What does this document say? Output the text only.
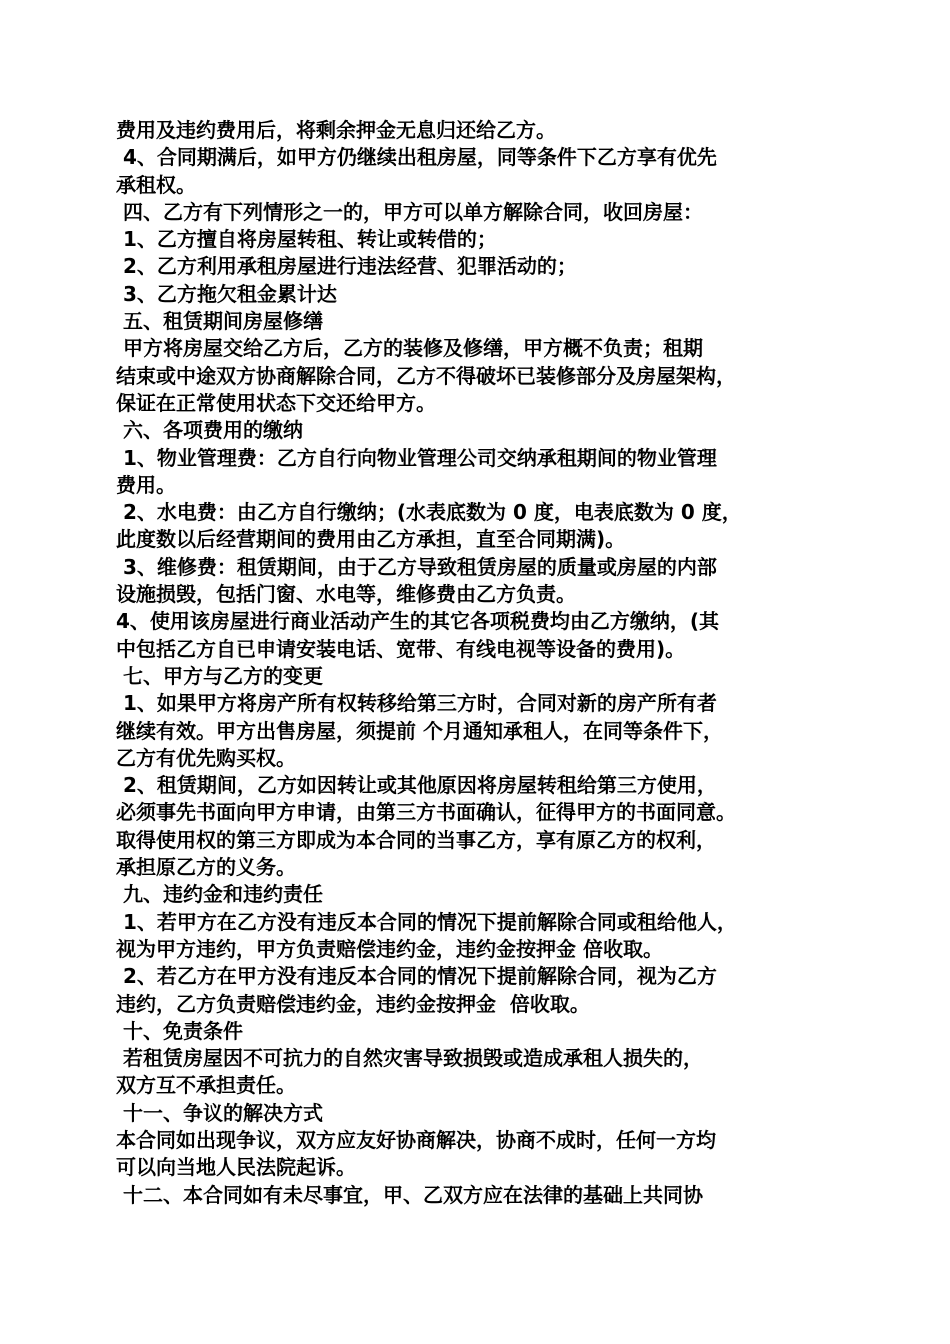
费用及违约费用后，将剩余押金无息归还给乙方。
4、合同期满后，如甲方仍继续出租房屋，同等条件下乙方享有优先
承租权。
四、乙方有下列情形之一的，甲方可以单方解除合同，收回房屋：
1、乙方擅自将房屋转租、转让或转借的；
2、乙方利用承租房屋进行违法经营、犯罪活动的；
3、乙方拖欠租金累计达
五、租赁期间房屋修缮
甲方将房屋交给乙方后，乙方的装修及修缮，甲方概不负责；租期
结束或中途双方协商解除合同，乙方不得破坏已装修部分及房屋架构，
保证在正常使用状态下交还给甲方。
六、各项费用的缴纳
1、物业管理费：乙方自行向物业管理公司交纳承租期间的物业管理
费用。
2、水电费：由乙方自行缴纳；(水表底数为 0 度，电表底数为 0 度，
此度数以后经营期间的费用由乙方承担，直至合同期满)。
3、维修费：租赁期间，由于乙方导致租赁房屋的质量或房屋的内部
设施损毁，包括门窗、水电等，维修费由乙方负责。
4、使用该房屋进行商业活动产生的其它各项税费均由乙方缴纳，(其
中包括乙方自已申请安装电话、宽带、有线电视等设备的费用)。
七、甲方与乙方的变更
1、如果甲方将房产所有权转移给第三方时，合同对新的房产所有者
继续有效。甲方出售房屋，须提前 个月通知承租人，在同等条件下，
乙方有优先购买权。
2、租赁期间，乙方如因转让或其他原因将房屋转租给第三方使用，
必须事先书面向甲方申请，由第三方书面确认，征得甲方的书面同意。
取得使用权的第三方即成为本合同的当事乙方，享有原乙方的权利，
承担原乙方的义务。
九、违约金和违约责任
1、若甲方在乙方没有违反本合同的情况下提前解除合同或租给他人，
视为甲方违约，甲方负责赔偿违约金，违约金按押金 倍收取。
2、若乙方在甲方没有违反本合同的情况下提前解除合同，视为乙方
违约，乙方负责赔偿违约金，违约金按押金  倍收取。
十、免责条件
若租赁房屋因不可抗力的自然灾害导致损毁或造成承租人损失的，
双方互不承担责任。
十一、争议的解决方式
本合同如出现争议，双方应友好协商解决，协商不成时，任何一方均
可以向当地人民法院起诉。
十二、本合同如有未尽事宜，甲、乙双方应在法律的基础上共同协
